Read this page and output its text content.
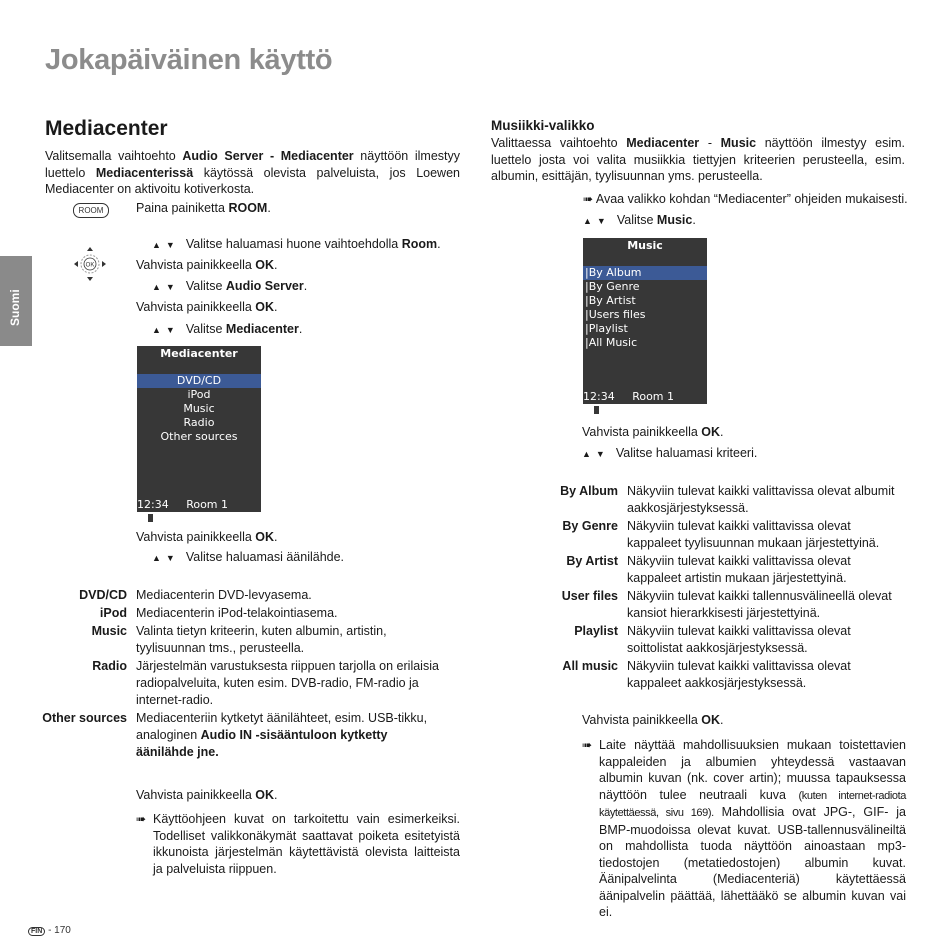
Jokapäiväinen käyttö
Suomi
Mediacenter
Valitsemalla vaihtoehto Audio Server - Mediacenter näyttöön ilmestyy luettelo Mediacenterissä käytössä olevista palveluista, jos Loewen Mediacenter on aktivoitu kotiverkosta.
ROOM	Paina painiketta ROOM.
OK
▲▼ Valitse haluamasi huone vaihtoehdolla Room.
Vahvista painikkeella OK.
▲▼ Valitse Audio Server.
Vahvista painikkeella OK.
▲▼ Valitse Mediacenter.
Mediacenter
DVD/CD
iPod
Music
Radio
Other sources
12:34 Room 1
Vahvista painikkeella OK.
▲▼ Valitse haluamasi äänilähde.
DVD/CD Mediacenterin DVD-levyasema.
iPod Mediacenterin iPod-telakointiasema.
Music Valinta tietyn kriteerin, kuten albumin, artistin, tyylisuunnan tms., perusteella.
Radio Järjestelmän varustuksesta riippuen tarjolla on erilaisia radiopalveluita, kuten esim. DVB-radio, FM-radio ja internet-radio.
Other sources Mediacenteriin kytketyt äänilähteet, esim. USB-tikku, analoginen Audio IN -sisääntuloon kytketty äänilähde jne.
Vahvista painikkeella OK.
➠ Käyttöohjeen kuvat on tarkoitettu vain esimerkeiksi. Todelliset valikkonäkymät saattavat poiketa esitetyistä ikkunoista järjestelmän käytettävistä olevista laitteista ja palveluista riippuen.
Musiikki-valikko
Valittaessa vaihtoehto Mediacenter - Music näyttöön ilmestyy esim. luettelo josta voi valita musiikkia tiettyjen kriteerien perusteella, esim. albumin, esittäjän, tyylisuunnan yms. perusteella.
➠ Avaa valikko kohdan “Mediacenter” ohjeiden mukaisesti.
▲▼ Valitse Music.
Music
|By Album
|By Genre
|By Artist
|Users files
|Playlist
|All Music
12:34 Room 1
Vahvista painikkeella OK.
▲▼ Valitse haluamasi kriteeri.
By Album Näkyviin tulevat kaikki valittavissa olevat albumit aakkosjärjestyksessä.
By Genre Näkyviin tulevat kaikki valittavissa olevat kappaleet tyylisuunnan mukaan järjestettyinä.
By Artist Näkyviin tulevat kaikki valittavissa olevat kappaleet artistin mukaan järjestettyinä.
User files Näkyviin tulevat kaikki tallennusvälineellä olevat kansiot hierarkkisesti järjestettyinä.
Playlist Näkyviin tulevat kaikki valittavissa olevat soittolistat aakkosjärjestyksessä.
All music Näkyviin tulevat kaikki valittavissa olevat kappaleet aakkosjärjestyksessä.
Vahvista painikkeella OK.
➠ Laite näyttää mahdollisuuksien mukaan toistettavien kappaleiden ja albumien yhteydessä vastaavan albumin kuvan (nk. cover artin); muussa tapauksessa näyttöön tulee neutraali kuva (kuten internet-radiota käytettäessä, sivu 169). Mahdollisia ovat JPG-, GIF- ja BMP-muodoissa olevat kuvat. USB-tallennusvälineiltä on mahdollista tuoda näyttöön ainoastaan mp3-tiedostojen (metatiedostojen) albumin kuvat. Äänipalvelinta (Mediacenteriä) käytettäessä äänipalvelin päättää, lähettääkö se albumin kuvan vai ei.
FIN - 170
